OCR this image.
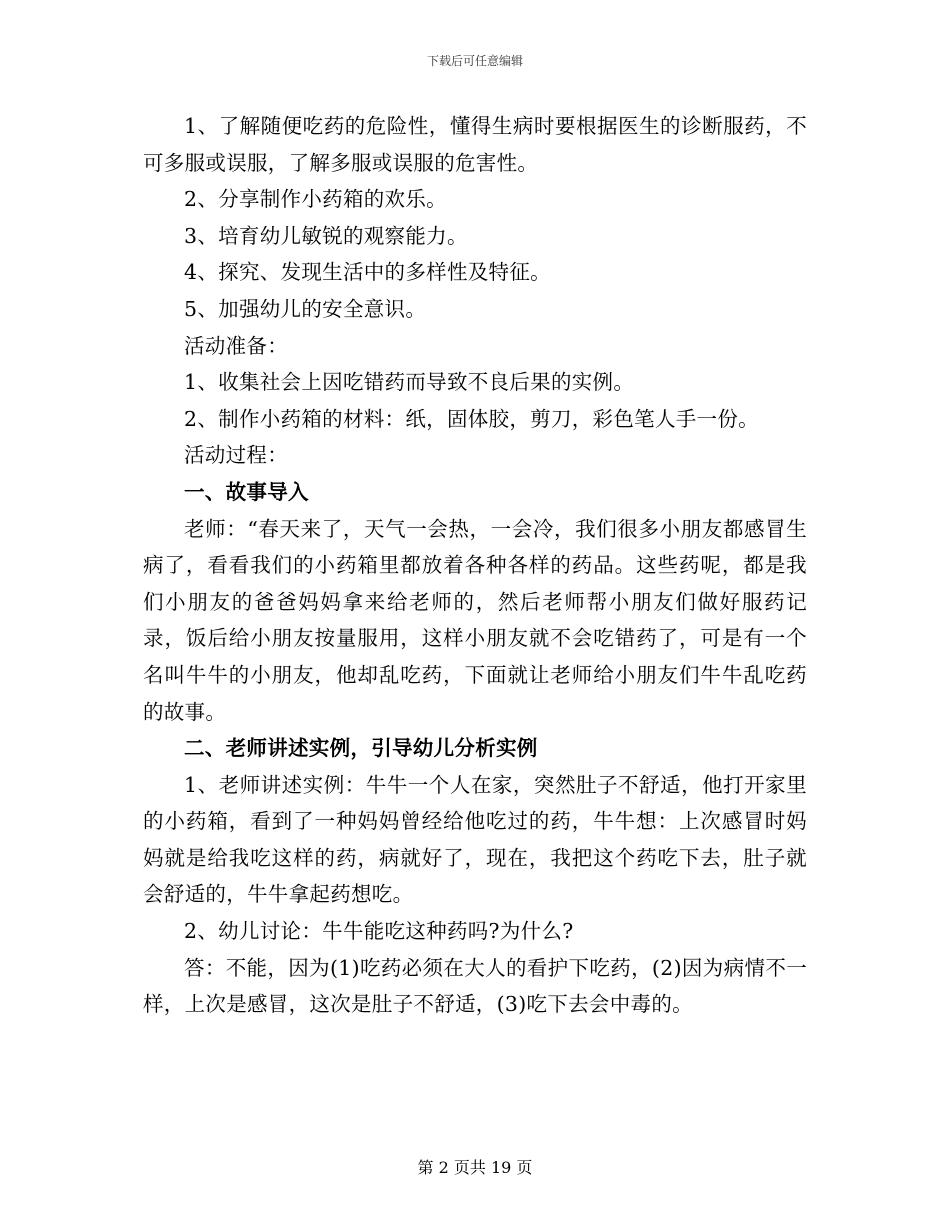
下载后可任意编辑

1、了解随便吃药的危险性，懂得生病时要根据医生的诊断服药，不可多服或误服，了解多服或误服的危害性。

2、分享制作小药箱的欢乐。

3、培育幼儿敏锐的观察能力。

4、探究、发现生活中的多样性及特征。

5、加强幼儿的安全意识。

活动准备：

1、收集社会上因吃错药而导致不良后果的实例。

2、制作小药箱的材料：纸，固体胶，剪刀，彩色笔人手一份。

活动过程：

一、故事导入

老师：“春天来了，天气一会热，一会冷，我们很多小朋友都感冒生病了，看看我们的小药箱里都放着各种各样的药品。这些药呢，都是我们小朋友的爸爸妈妈拿来给老师的，然后老师帮小朋友们做好服药记录，饭后给小朋友按量服用，这样小朋友就不会吃错药了，可是有一个名叫牛牛的小朋友，他却乱吃药，下面就让老师给小朋友们牛牛乱吃药的故事。

二、老师讲述实例，引导幼儿分析实例

1、老师讲述实例：牛牛一个人在家，突然肚子不舒适，他打开家里的小药箱，看到了一种妈妈曾经给他吃过的药，牛牛想：上次感冒时妈妈就是给我吃这样的药，病就好了，现在，我把这个药吃下去，肚子就会舒适的，牛牛拿起药想吃。

2、幼儿讨论：牛牛能吃这种药吗?为什么?

答：不能，因为(1)吃药必须在大人的看护下吃药，(2)因为病情不一样，上次是感冒，这次是肚子不舒适，(3)吃下去会中毒的。

第 2 页共 19 页
